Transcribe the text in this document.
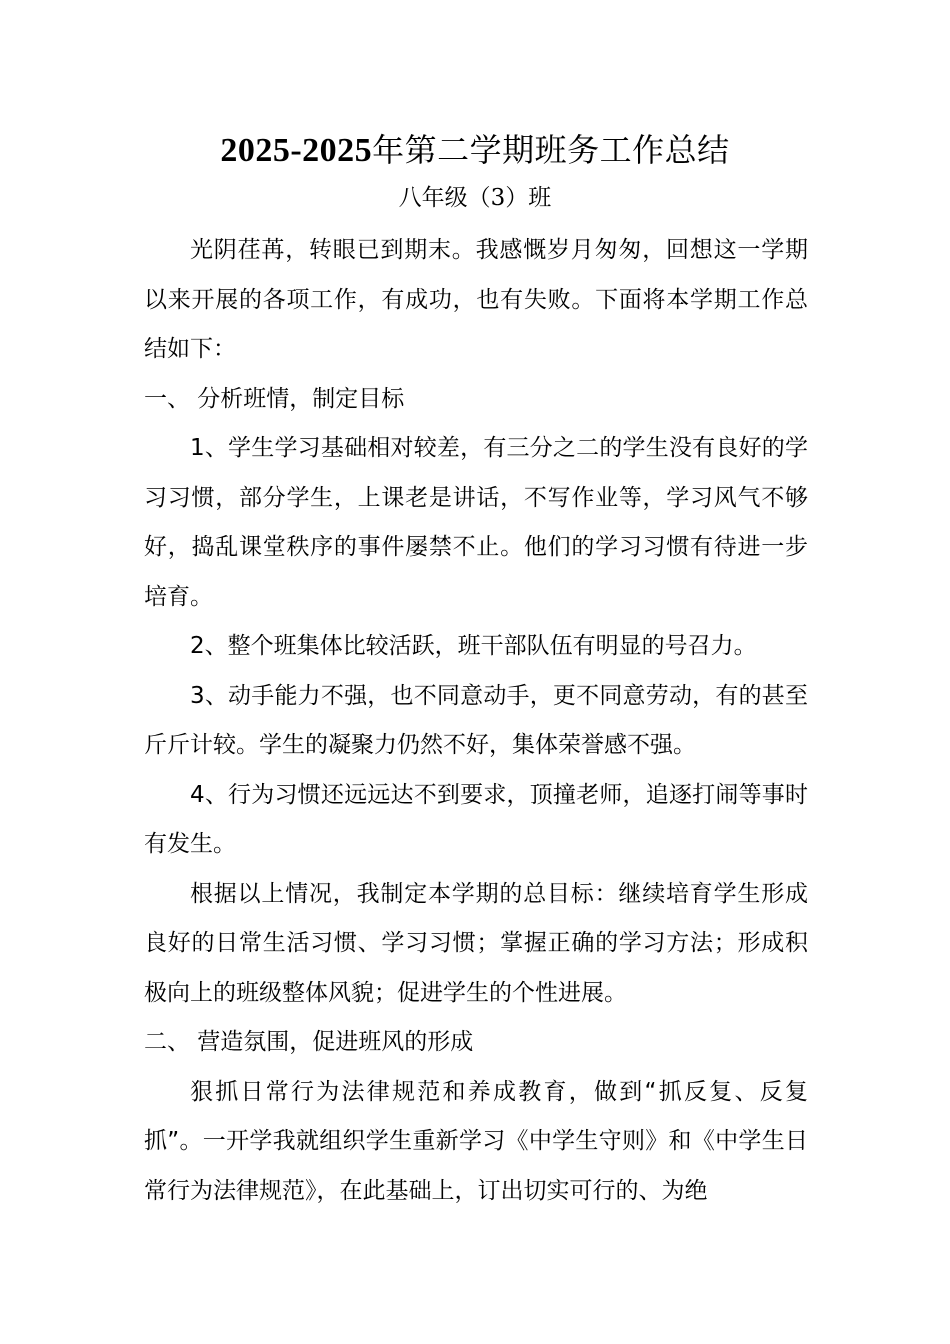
2025-2025年第二学期班务工作总结
八年级（3）班

光阴荏苒，转眼已到期末。我感慨岁月匆匆，回想这一学期以来开展的各项工作，有成功，也有失败。下面将本学期工作总结如下：

一、 分析班情，制定目标

1、学生学习基础相对较差，有三分之二的学生没有良好的学习习惯，部分学生，上课老是讲话，不写作业等，学习风气不够好，捣乱课堂秩序的事件屡禁不止。他们的学习习惯有待进一步培育。

2、整个班集体比较活跃，班干部队伍有明显的号召力。

3、动手能力不强，也不同意动手，更不同意劳动，有的甚至斤斤计较。学生的凝聚力仍然不好，集体荣誉感不强。

4、行为习惯还远远达不到要求，顶撞老师，追逐打闹等事时有发生。

根据以上情况，我制定本学期的总目标：继续培育学生形成良好的日常生活习惯、学习习惯；掌握正确的学习方法；形成积极向上的班级整体风貌；促进学生的个性进展。

二、 营造氛围，促进班风的形成

狠抓日常行为法律规范和养成教育，做到“抓反复、反复抓”。一开学我就组织学生重新学习《中学生守则》和《中学生日常行为法律规范》，在此基础上，订出切实可行的、为绝
